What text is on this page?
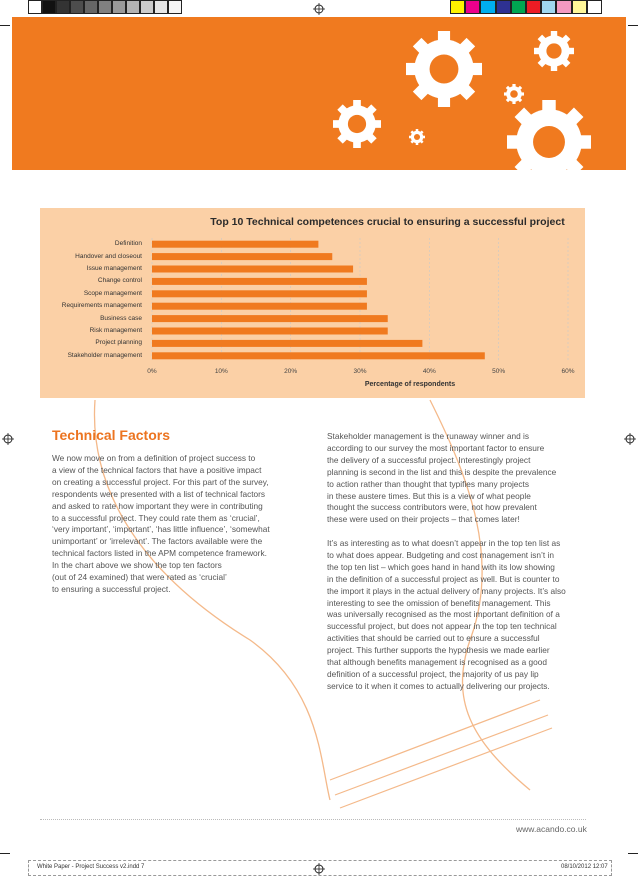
Top 10 Technical competences crucial to ensuring a successful project
Definition
Handover and closeout
Issue management
Change control
Scope management
Requirements management
Business case
Risk management
Project planning
Stakeholder management
0%	10%	20%	30%	40%	50%	60%
Percentage of respondents
Technical Factors
www.acando.co.uk
White Paper - Project Success v2.indd 7	08/10/2012 12:07
We now move on from a definition of project success to
a view of the technical factors that have a positive impact
on creating a successful project. For this part of the survey,
respondents were presented with a list of technical factors
and asked to rate how important they were in contributing
to a successful project. They could rate them as ‘crucial’,
‘very important’, ‘important’, ‘has little influence’, ‘somewhat
unimportant’ or ‘irrelevant’. The factors available were the
technical factors listed in the APM competence framework.
In the chart above we show the top ten factors
(out of 24 examined) that were rated as ‘crucial’
to ensuring a successful project.
Stakeholder management is the runaway winner and is
according to our survey the most important factor to ensure
the delivery of a successful project. Interestingly project
planning is second in the list and this is despite the prevalence
to action rather than thought that typifies many projects
in these austere times. But this is a view of what people
thought the success contributors were, not how prevalent
these were used on their projects – that comes later!
It’s as interesting as to what doesn’t appear in the top ten list as
to what does appear. Budgeting and cost management isn’t in
the top ten list – which goes hand in hand with its low showing
in the definition of a successful project as well. But is counter to
the import it plays in the actual delivery of many projects. It’s also
interesting to see the omission of benefits management. This
was universally recognised as the most important definition of a
successful project, but does not appear in the top ten technical
activities that should be carried out to ensure a successful
project. This further supports the hypothesis we made earlier
that although benefits management is recognised as a good
definition of a successful project, the majority of us pay lip
service to it when it comes to actually delivering our projects.
